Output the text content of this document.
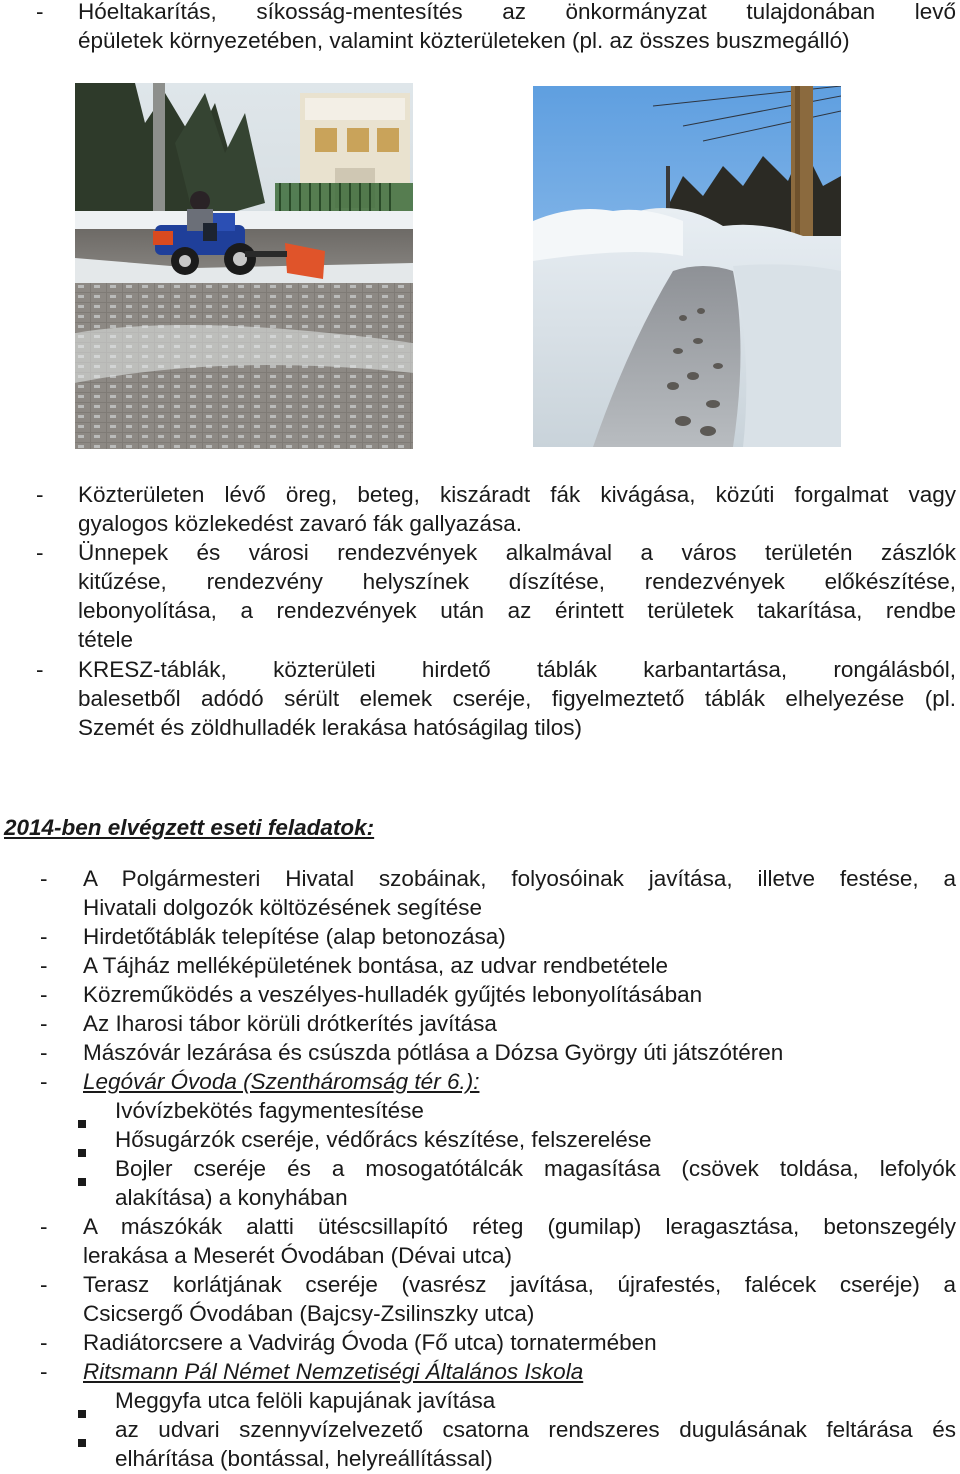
-	Hóeltakarítás, síkosság-mentesítés az önkormányzat tulajdonában levő
épületek környezetében, valamint közterületeken (pl. az összes buszmegálló)
-	Közterületen lévő öreg, beteg, kiszáradt fák kivágása, közúti forgalmat vagy
gyalogos közlekedést zavaró fák gallyazása.
-	Ünnepek és városi rendezvények alkalmával a város területén zászlók
kitűzése, rendezvény helyszínek díszítése, rendezvények előkészítése,
lebonyolítása, a rendezvények után az érintett területek takarítása, rendbe
tétele
-	KRESZ-táblák, közterületi hirdető táblák karbantartása, rongálásból,
balesetből adódó sérült elemek cseréje, figyelmeztető táblák elhelyezése (pl.
Szemét és zöldhulladék lerakása hatóságilag tilos)
2014-ben elvégzett eseti feladatok:
-	A Polgármesteri Hivatal szobáinak, folyosóinak javítása, illetve festése, a
Hivatali dolgozók költözésének segítése
-	Hirdetőtáblák telepítése (alap betonozása)
-	A Tájház melléképületének bontása, az udvar rendbetétele
-	Közreműködés a veszélyes-hulladék gyűjtés lebonyolításában
-	Az Iharosi tábor körüli drótkerítés javítása
-	Mászóvár lezárása és csúszda pótlása a Dózsa György úti játszótéren
-	Legóvár Óvoda (Szentháromság tér 6.):
Ivóvízbekötés fagymentesítése
Hősugárzók cseréje, védőrács készítése, felszerelése
Bojler cseréje és a mosogatótálcák magasítása (csövek toldása, lefolyók
alakítása) a konyhában
-	A mászókák alatti ütéscsillapító réteg (gumilap) leragasztása, betonszegély
lerakása a Meserét Óvodában (Dévai utca)
-	Terasz korlátjának cseréje (vasrész javítása, újrafestés, falécek cseréje) a
Csicsergő Óvodában (Bajcsy-Zsilinszky utca)
-	Radiátorcsere a Vadvirág Óvoda (Fő utca) tornatermében
-	Ritsmann Pál Német Nemzetiségi Általános Iskola
Meggyfa utca felöli kapujának javítása
az udvari szennyvízelvezető csatorna rendszeres dugulásának feltárása és
elhárítása (bontással, helyreállítással)
